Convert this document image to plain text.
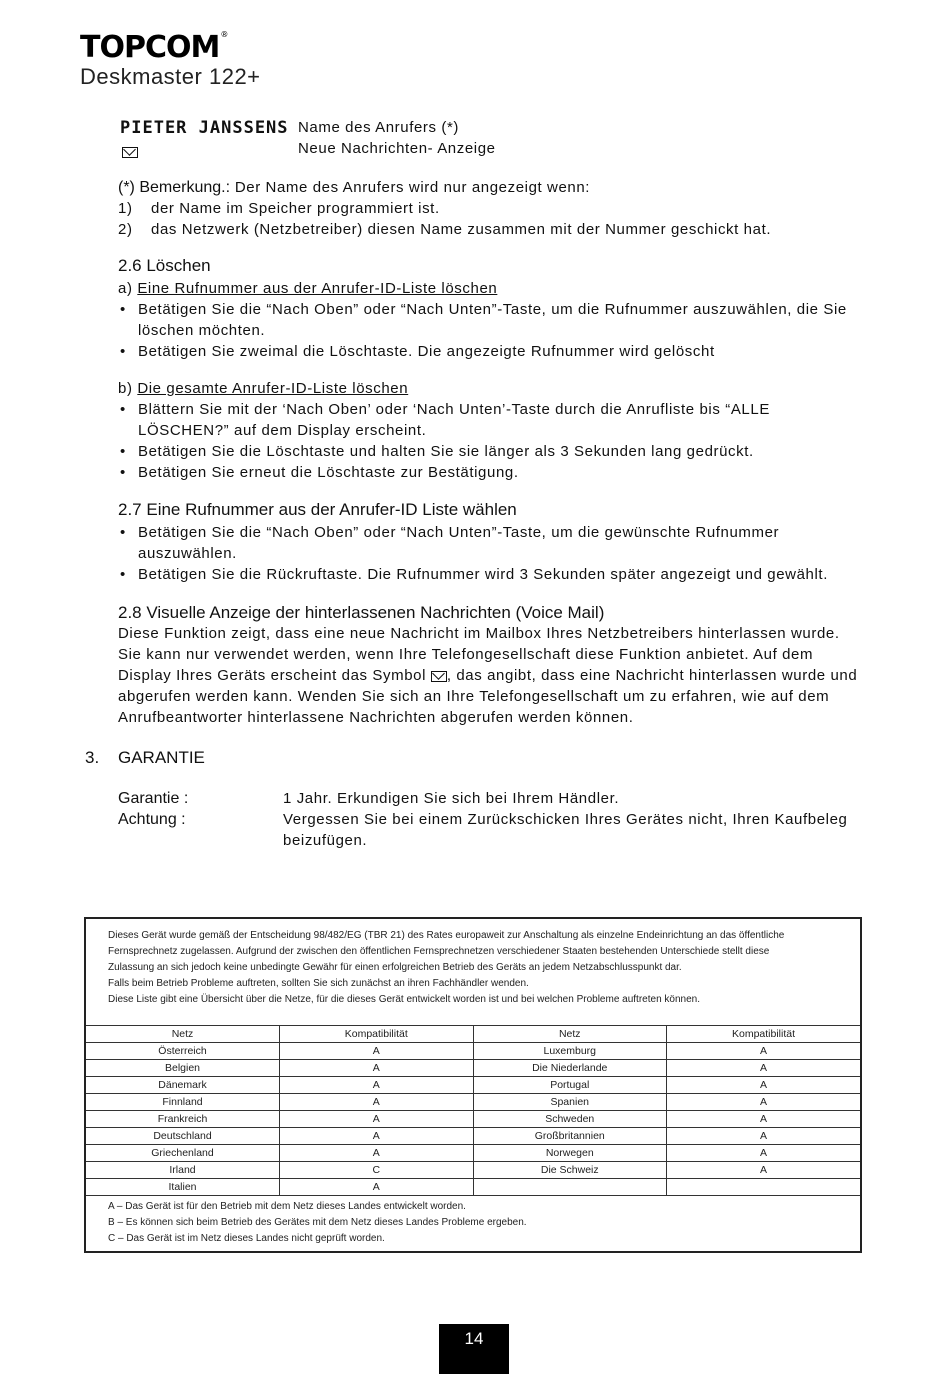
TOPCOM®
Deskmaster 122+
PIETER JANSSENS Name des Anrufers (*)
Neue Nachrichten- Anzeige
(*) Bemerkung.: Der Name des Anrufers wird nur angezeigt wenn:
1)	der Name im Speicher programmiert ist.
2)	das Netzwerk (Netzbetreiber) diesen Name zusammen mit der Nummer geschickt hat.
2.6 Löschen
a) Eine Rufnummer aus der Anrufer-ID-Liste löschen
• Betätigen Sie die “Nach Oben” oder “Nach Unten”-Taste, um die Rufnummer auszuwählen, die Sie löschen möchten.
• Betätigen Sie zweimal die Löschtaste. Die angezeigte Rufnummer wird gelöscht
b) Die gesamte Anrufer-ID-Liste löschen
• Blättern Sie mit der ‘Nach Oben’ oder ‘Nach Unten’-Taste durch die Anrufliste bis “ALLE LÖSCHEN?” auf dem Display erscheint.
• Betätigen Sie die Löschtaste und halten Sie sie länger als 3 Sekunden lang gedrückt.
• Betätigen Sie erneut die Löschtaste zur Bestätigung.
2.7 Eine Rufnummer aus der Anrufer-ID Liste wählen
• Betätigen Sie die “Nach Oben” oder “Nach Unten”-Taste, um die gewünschte Rufnummer auszuwählen.
• Betätigen Sie die Rückruftaste. Die Rufnummer wird 3 Sekunden später angezeigt und gewählt.
2.8 Visuelle Anzeige der hinterlassenen Nachrichten (Voice Mail)
Diese Funktion zeigt, dass eine neue Nachricht im Mailbox Ihres Netzbetreibers hinterlassen wurde. Sie kann nur verwendet werden, wenn Ihre Telefongesellschaft diese Funktion anbietet. Auf dem Display Ihres Geräts erscheint das Symbol , das angibt, dass eine Nachricht hinterlassen wurde und abgerufen werden kann. Wenden Sie sich an Ihre Telefongesellschaft um zu erfahren, wie auf dem Anrufbeantworter hinterlassene Nachrichten abgerufen werden können.
3. GARANTIE
Garantie :	1 Jahr. Erkundigen Sie sich bei Ihrem Händler.
Achtung :	Vergessen Sie bei einem Zurückschicken Ihres Gerätes nicht, Ihren Kaufbeleg beizufügen.
Dieses Gerät wurde gemäß der Entscheidung 98/482/EG (TBR 21) des Rates europaweit zur Anschaltung als einzelne Endeinrichtung an das öffentliche
Fernsprechnetz zugelassen. Aufgrund der zwischen den öffentlichen Fernsprechnetzen verschiedener Staaten bestehenden Unterschiede stellt diese
Zulassung an sich jedoch keine unbedingte Gewähr für einen erfolgreichen Betrieb des Geräts an jedem Netzabschlusspunkt dar.
Falls beim Betrieb Probleme auftreten, sollten Sie sich zunächst an ihren Fachhändler wenden.
Diese Liste gibt eine Übersicht über die Netze, für die dieses Gerät entwickelt worden ist und bei welchen Probleme auftreten können.
Netz	Kompatibilität	Netz	Kompatibilität
Österreich	A	Luxemburg	A
Belgien	A	Die Niederlande	A
Dänemark	A	Portugal	A
Finnland	A	Spanien	A
Frankreich	A	Schweden	A
Deutschland	A	Großbritannien	A
Griechenland	A	Norwegen	A
Irland	C	Die Schweiz	A
Italien	A		
A – Das Gerät ist für den Betrieb mit dem Netz dieses Landes entwickelt worden.
B – Es können sich beim Betrieb des Gerätes mit dem Netz dieses Landes Probleme ergeben.
C – Das Gerät ist im Netz dieses Landes nicht geprüft worden.
14
